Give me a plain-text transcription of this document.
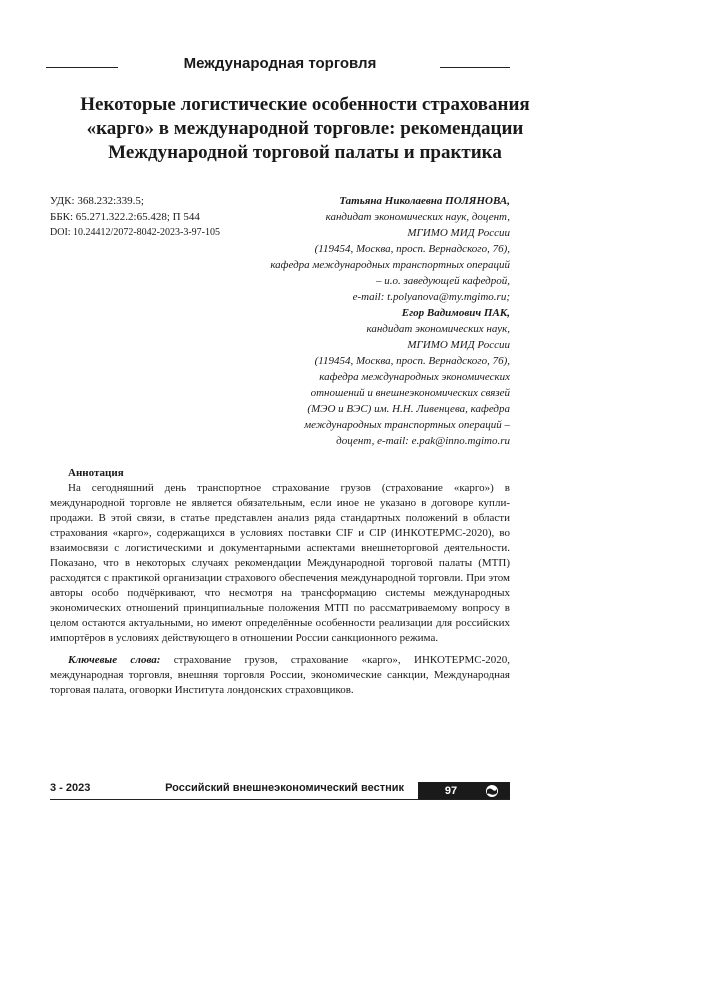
Международная торговля
Некоторые логистические особенности страхования
«карго» в международной торговле: рекомендации
Международной торговой палаты и практика
УДК: 368.232:339.5;
ББК: 65.271.322.2:65.428; П 544
DOI: 10.24412/2072-8042-2023-3-97-105
Татьяна Николаевна ПОЛЯНОВА,
кандидат экономических наук, доцент,
МГИМО МИД России
(119454, Москва, просп. Вернадского, 76),
кафедра международных транспортных операций
– и.о. заведующей кафедрой,
e-mail: t.polyanova@my.mgimo.ru;
Егор Вадимович ПАК,
кандидат экономических наук,
МГИМО МИД России
(119454, Москва, просп. Вернадского, 76),
кафедра международных экономических
отношений и внешнеэкономических связей
(МЭО и ВЭС) им. Н.Н. Ливенцева, кафедра
международных транспортных операций –
доцент, e-mail: e.pak@inno.mgimo.ru
Аннотация

На сегодняшний день транспортное страхование грузов (страхование «карго») в международной торговле не является обязательным, если иное не указано в договоре купли-продажи. В этой связи, в статье представлен анализ ряда стандартных положений в области страхования «карго», содержащихся в условиях поставки CIF и CIP (ИНКОТЕРМС-2020), во взаимосвязи с логистическими и документарными аспектами внешнеторговой деятельности. Показано, что в некоторых случаях рекомендации Международной торговой палаты (МТП) расходятся с практикой организации страхового обеспечения международной торговли. При этом авторы особо подчёркивают, что несмотря на трансформацию системы международных экономических отношений принципиальные положения МТП по рассматриваемому вопросу в целом остаются актуальными, но имеют определённые особенности реализации для российских импортёров в условиях действующего в отношении России санкционного режима.

Ключевые слова: страхование грузов, страхование «карго», ИНКОТЕРМС-2020, международная торговля, внешняя торговля России, экономические санкции, Международная торговая палата, оговорки Института лондонских страховщиков.

3 - 2023	Российский внешнеэкономический вестник	97
